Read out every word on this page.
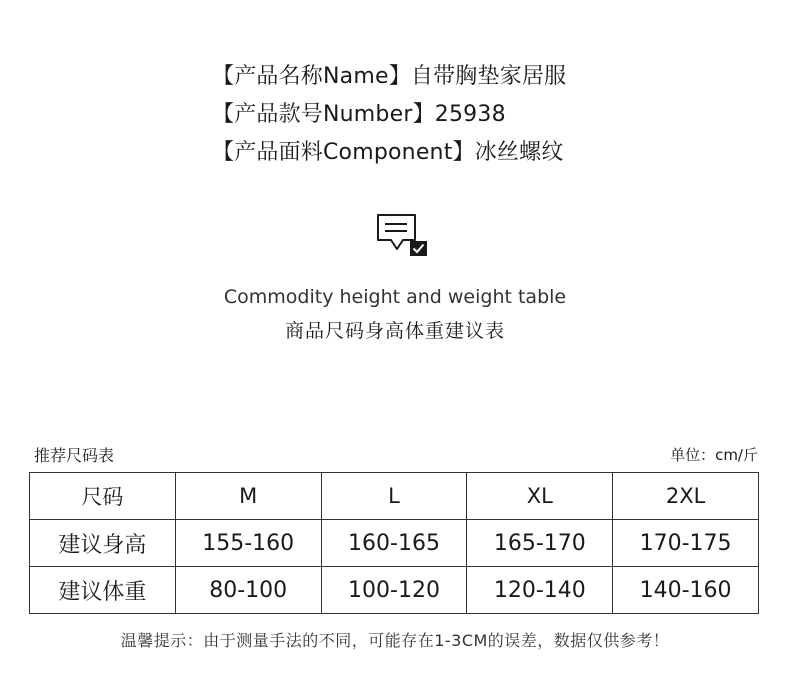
【产品名称Name】自带胸垫家居服
【产品款号Number】25938
【产品面料Component】冰丝螺纹
Commodity height and weight table
商品尺码身高体重建议表
推荐尺码表	单位：cm/斤
尺码	M	L	XL	2XL
建议身高	155-160	160-165	165-170	170-175
建议体重	80-100	100-120	120-140	140-160
温馨提示：由于测量手法的不同，可能存在1-3CM的误差，数据仅供参考！
